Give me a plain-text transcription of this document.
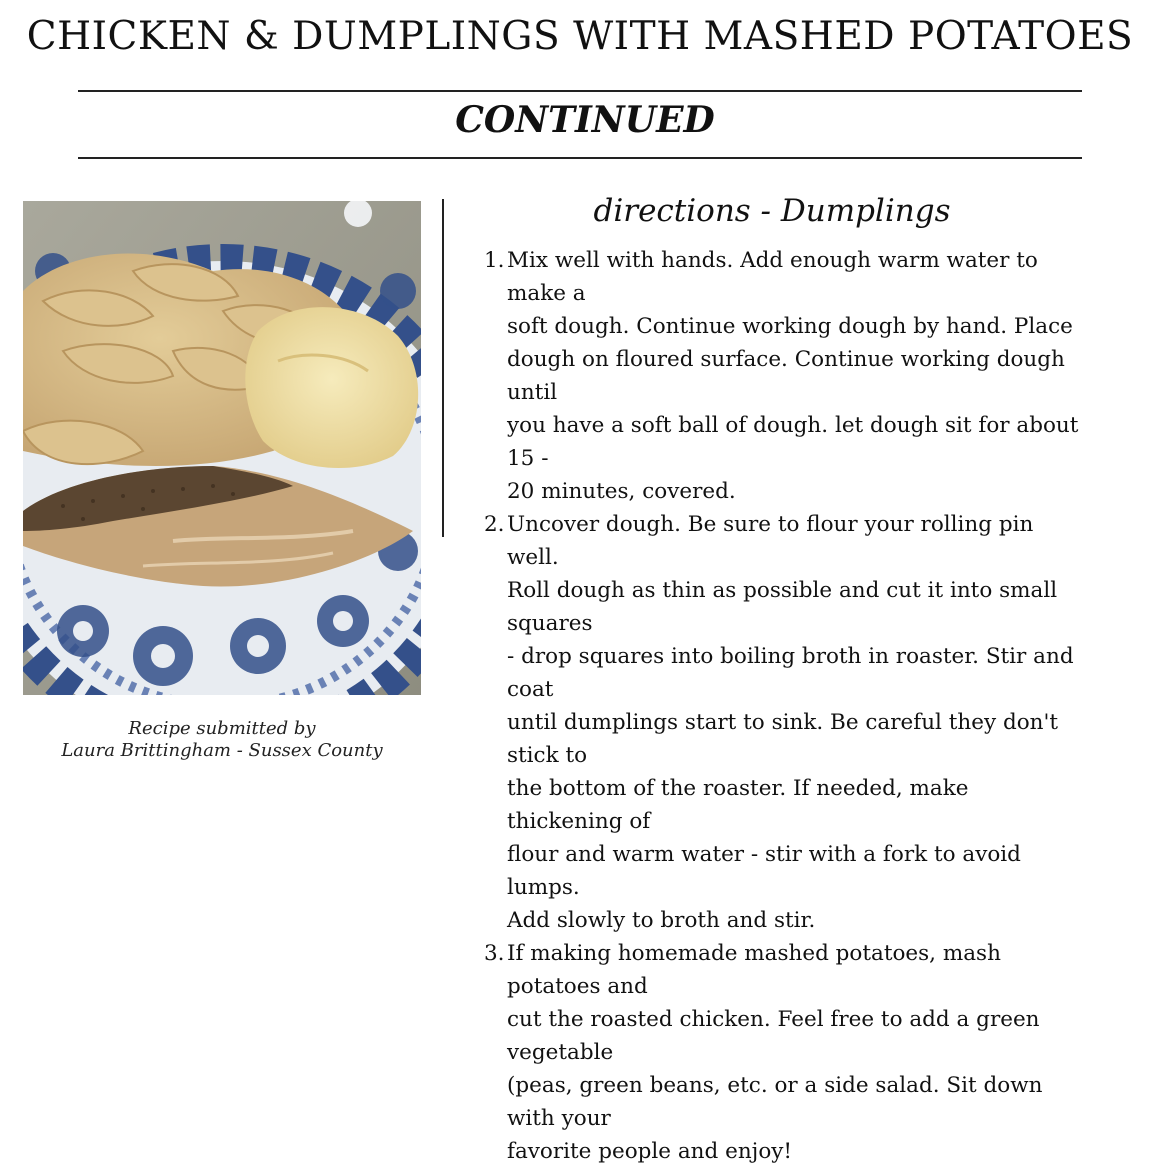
CHICKEN & DUMPLINGS WITH MASHED POTATOES
CONTINUED
Recipe submitted by
Laura Brittingham - Sussex County
directions - Dumplings
1. Mix well with hands. Add enough warm water to make a
soft dough. Continue working dough by hand. Place
dough on floured surface. Continue working dough until
you have a soft ball of dough. let dough sit for about 15 -
20 minutes, covered.
2. Uncover dough. Be sure to flour your rolling pin well.
Roll dough as thin as possible and cut it into small squares
- drop squares into boiling broth in roaster. Stir and coat
until dumplings start to sink. Be careful they don't stick to
the bottom of the roaster. If needed, make thickening of
flour and warm water - stir with a fork to avoid lumps.
Add slowly to broth and stir.
3. If making homemade mashed potatoes, mash potatoes and
cut the roasted chicken. Feel free to add a green vegetable
(peas, green beans, etc. or a side salad. Sit down with your
favorite people and enjoy!
